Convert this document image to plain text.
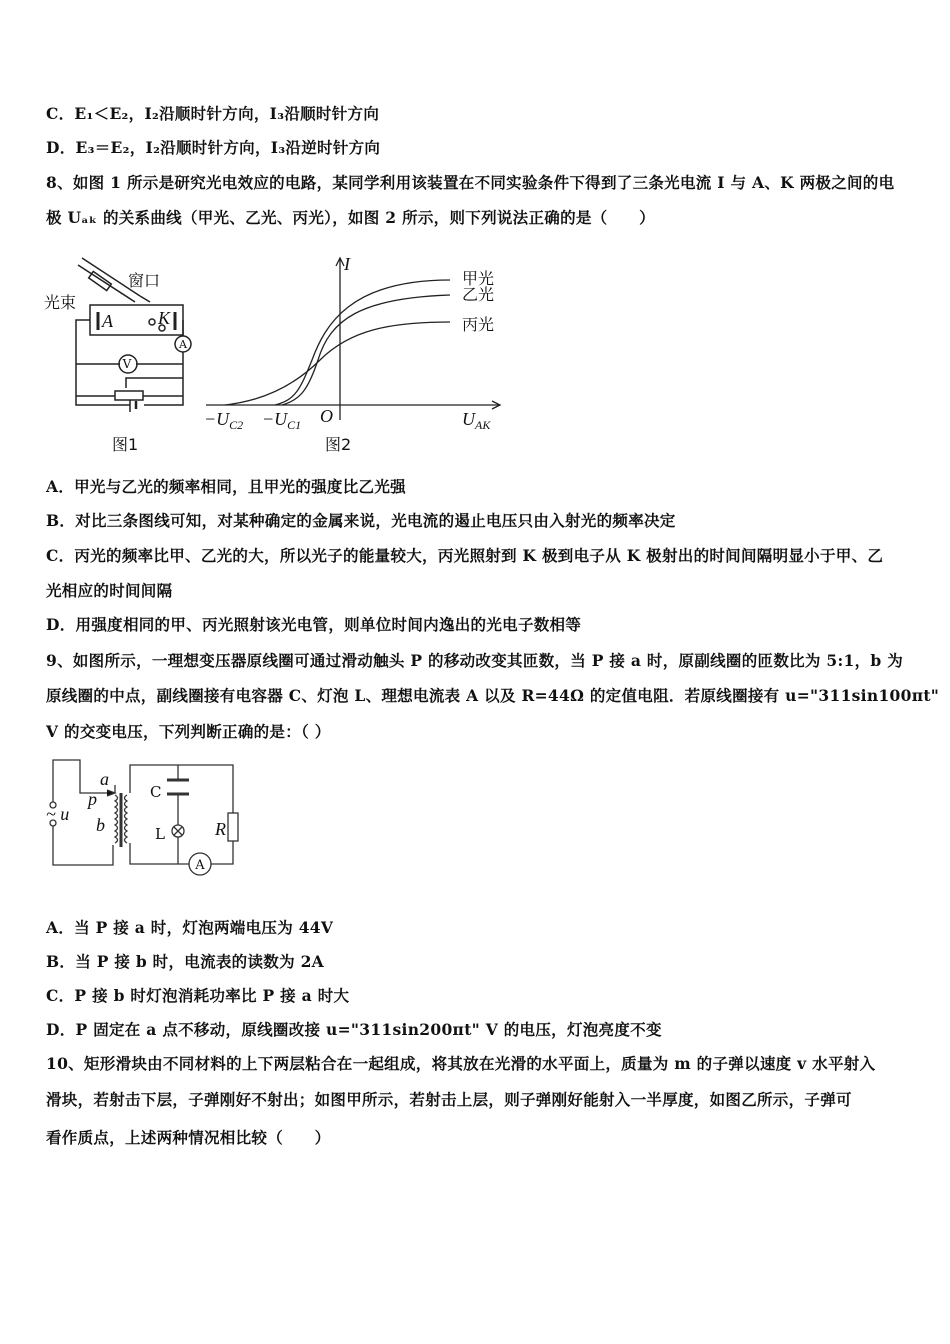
C．E₁＜E₂，I₂沿顺时针方向，I₃沿顺时针方向
D．E₃＝E₂，I₂沿顺时针方向，I₃沿逆时针方向
8、如图 1 所示是研究光电效应的电路，某同学利用该装置在不同实验条件下得到了三条光电流 I 与 A、K 两极之间的电
极 Uₐₖ 的关系曲线（甲光、乙光、丙光），如图 2 所示，则下列说法正确的是（　　）
V
A
A	K
窗口
光束
图1
I
甲光
乙光
丙光
$-U_{C2} -U_{C1}$ O	$U_{AK}$
图2
A．甲光与乙光的频率相同，且甲光的强度比乙光强
B．对比三条图线可知，对某种确定的金属来说，光电流的遏止电压只由入射光的频率决定
C．丙光的频率比甲、乙光的大，所以光子的能量较大，丙光照射到 K 极到电子从 K 极射出的时间间隔明显小于甲、乙
光相应的时间间隔
D．用强度相同的甲、丙光照射该光电管，则单位时间内逸出的光电子数相等
9、如图所示，一理想变压器原线圈可通过滑动触头 P 的移动改变其匝数，当 P 接 a 时，原副线圈的匝数比为 5:1，b 为
原线圈的中点，副线圈接有电容器 C、灯泡 L、理想电流表 A 以及 R=44Ω 的定值电阻．若原线圈接有 u="311sin100πt"
V 的交变电压，下列判断正确的是：（ ）
a
p
~ u
b
C
L	R
A
A．当 P 接 a 时，灯泡两端电压为 44V
B．当 P 接 b 时，电流表的读数为 2A
C．P 接 b 时灯泡消耗功率比 P 接 a 时大
D．P 固定在 a 点不移动，原线圈改接 u="311sin200πt" V 的电压，灯泡亮度不变
10、矩形滑块由不同材料的上下两层粘合在一起组成，将其放在光滑的水平面上，质量为 m 的子弹以速度 v 水平射入
滑块，若射击下层，子弹刚好不射出；如图甲所示，若射击上层，则子弹刚好能射入一半厚度，如图乙所示，子弹可
看作质点，上述两种情况相比较（　　）
